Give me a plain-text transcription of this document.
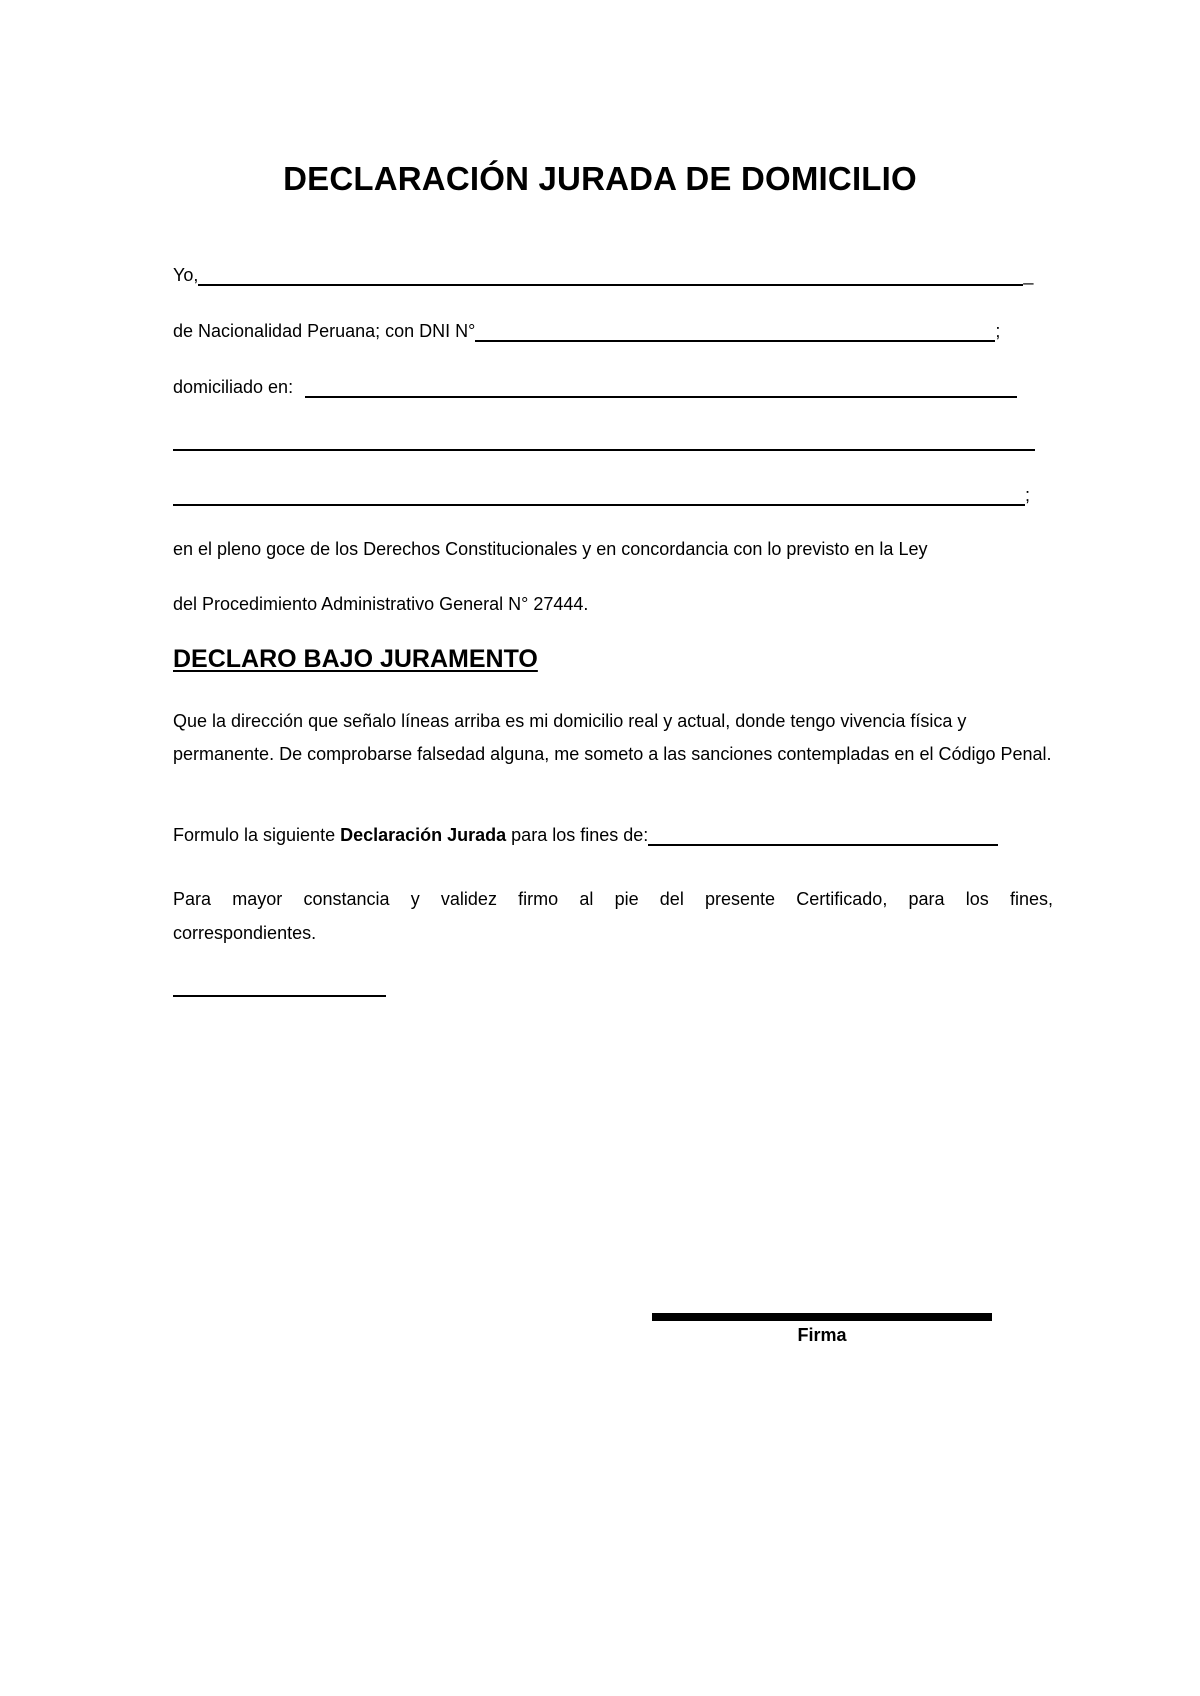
DECLARACIÓN JURADA DE DOMICILIO
Yo,	_
de Nacionalidad Peruana; con DNI N°	;
domiciliado en:
;
en el pleno goce de los Derechos Constitucionales y en concordancia con lo previsto en la Ley
del Procedimiento Administrativo General N° 27444.
DECLARO BAJO JURAMENTO
Que la dirección que señalo líneas arriba es mi domicilio real y actual, donde tengo vivencia física y permanente. De comprobarse falsedad alguna, me someto a las sanciones contempladas en el Código Penal.
Formulo la siguiente Declaración Jurada para los fines de:
Para mayor constancia y validez firmo al pie del presente Certificado, para los fines, correspondientes.
Firma
